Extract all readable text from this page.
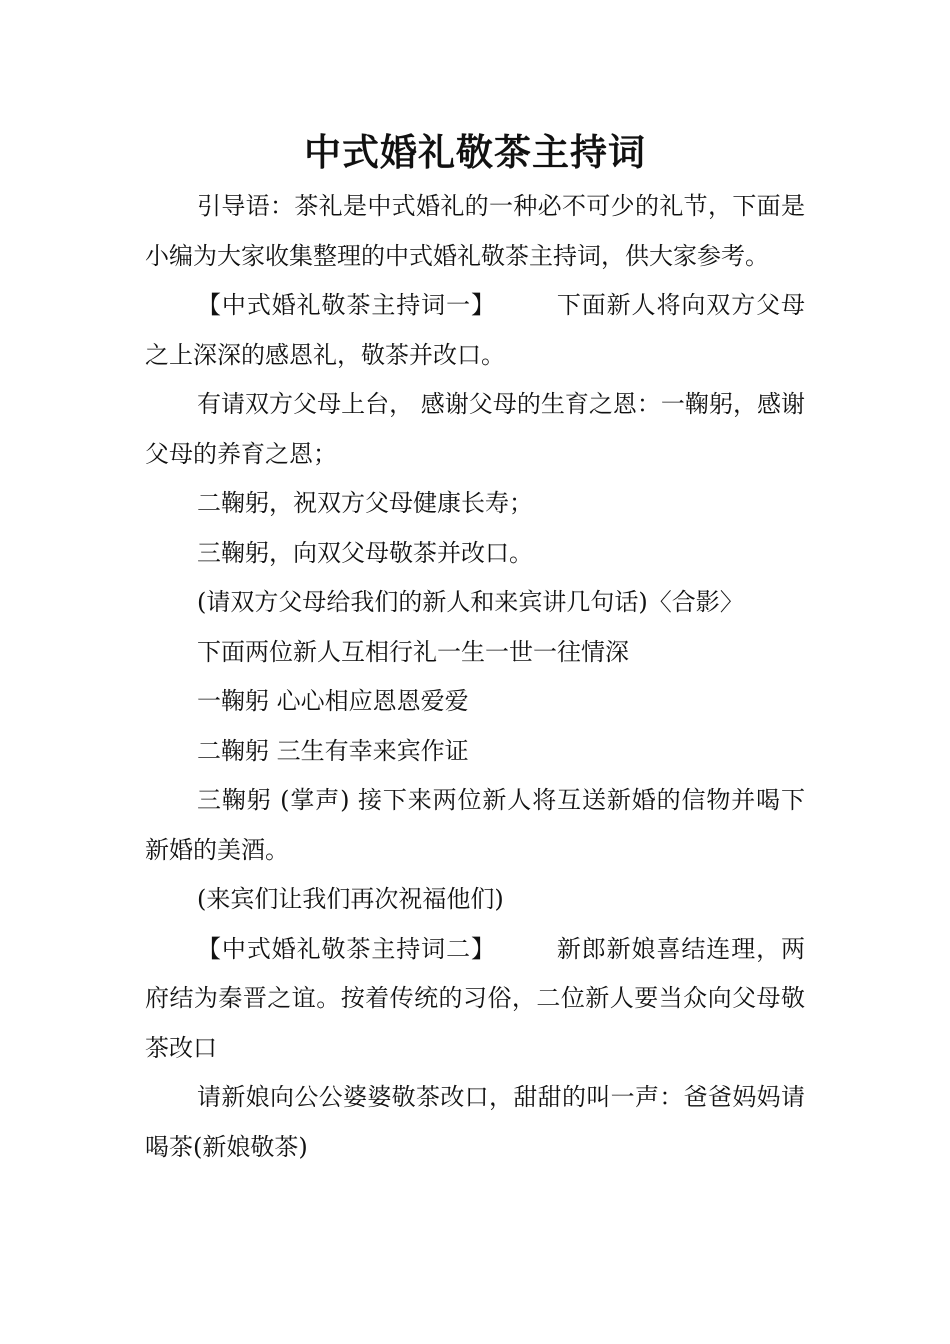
中式婚礼敬茶主持词

引导语：茶礼是中式婚礼的一种必不可少的礼节，下面是小编为大家收集整理的中式婚礼敬茶主持词，供大家参考。

【中式婚礼敬茶主持词一】	下面新人将向双方父母之上深深的感恩礼，敬茶并改口。

有请双方父母上台， 感谢父母的生育之恩：一鞠躬，感谢父母的养育之恩；

二鞠躬，祝双方父母健康长寿；

三鞠躬，向双父母敬茶并改口。

(请双方父母给我们的新人和来宾讲几句话)〈合影〉

下面两位新人互相行礼一生一世一往情深

一鞠躬 心心相应恩恩爱爱

二鞠躬 三生有幸来宾作证

三鞠躬 (掌声) 接下来两位新人将互送新婚的信物并喝下新婚的美酒。

(来宾们让我们再次祝福他们)

【中式婚礼敬茶主持词二】	新郎新娘喜结连理，两府结为秦晋之谊。按着传统的习俗，二位新人要当众向父母敬茶改口

请新娘向公公婆婆敬茶改口，甜甜的叫一声：爸爸妈妈请喝茶(新娘敬茶)
